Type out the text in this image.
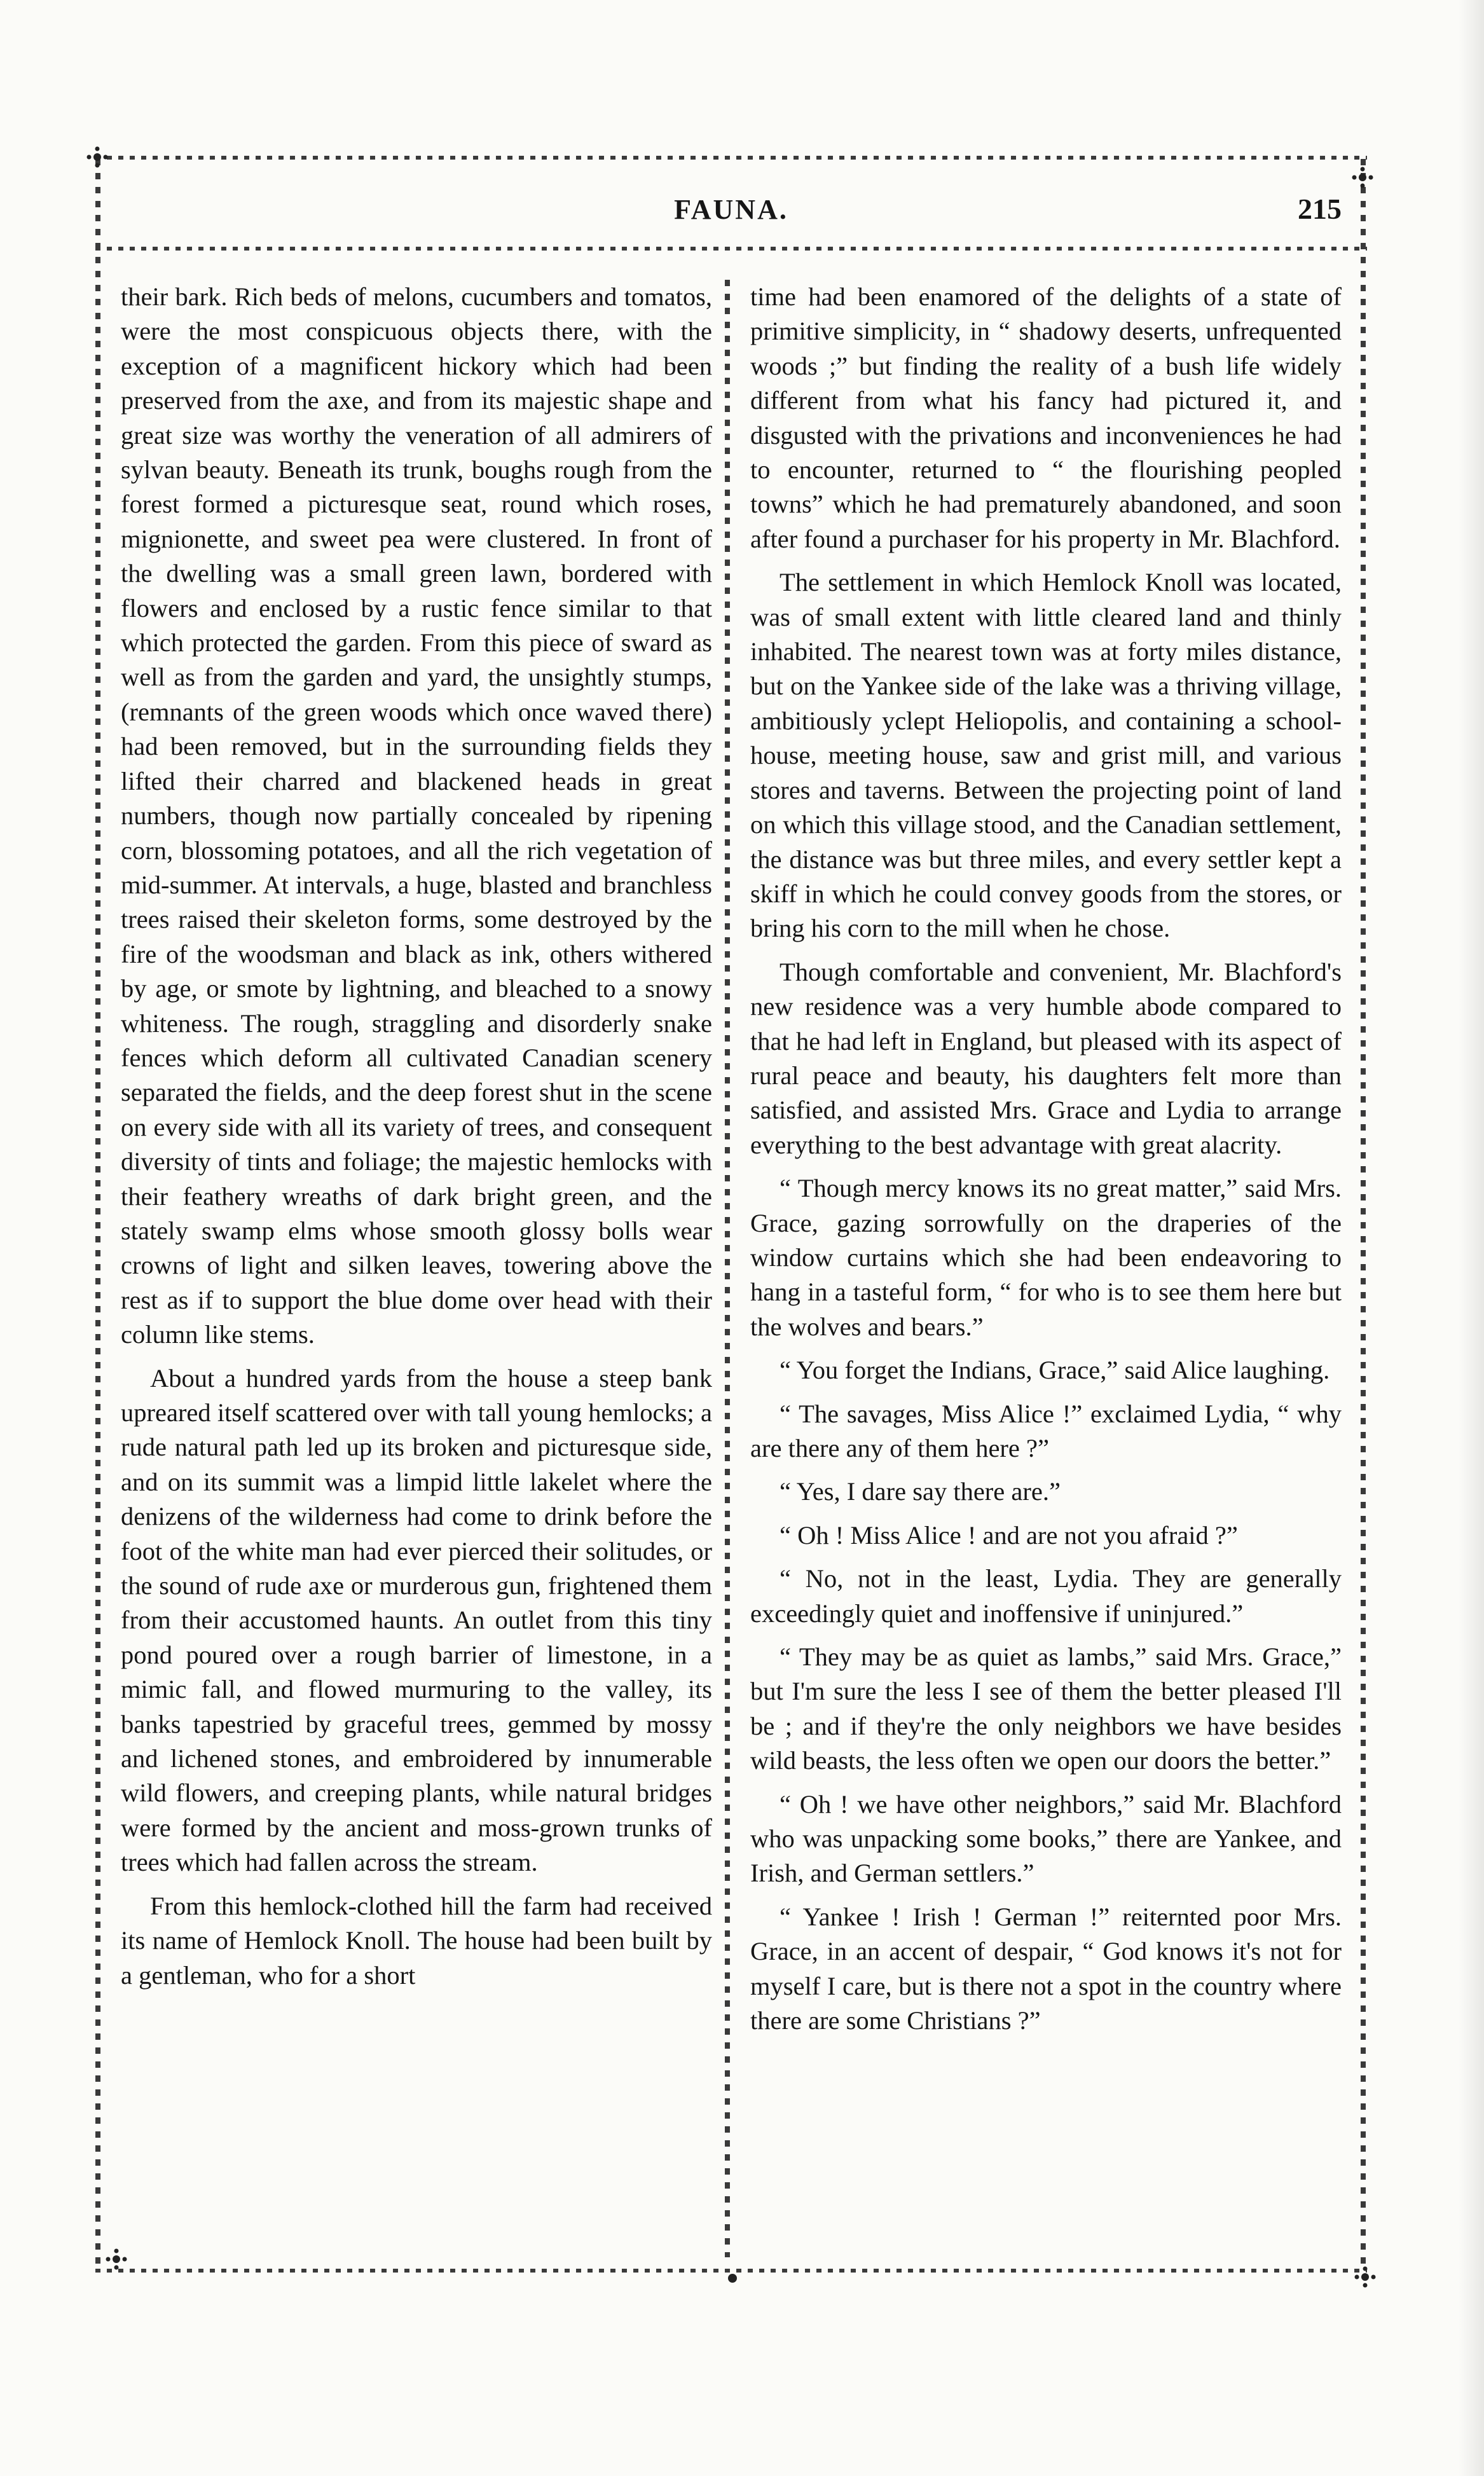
FAUNA.	215

their bark. Rich beds of melons, cucumbers and tomatos, were the most conspicuous objects there, with the exception of a magnificent hickory which had been preserved from the axe, and from its majestic shape and great size was worthy the veneration of all admirers of sylvan beauty. Beneath its trunk, boughs rough from the forest formed a picturesque seat, round which roses, mignionette, and sweet pea were clustered. In front of the dwelling was a small green lawn, bordered with flowers and enclosed by a rustic fence similar to that which protected the garden. From this piece of sward as well as from the garden and yard, the unsightly stumps, (remnants of the green woods which once waved there) had been removed, but in the surrounding fields they lifted their charred and blackened heads in great numbers, though now partially concealed by ripening corn, blossoming potatoes, and all the rich vegetation of mid-summer. At intervals, a huge, blasted and branchless trees raised their skeleton forms, some destroyed by the fire of the woodsman and black as ink, others withered by age, or smote by lightning, and bleached to a snowy whiteness. The rough, straggling and disorderly snake fences which deform all cultivated Canadian scenery separated the fields, and the deep forest shut in the scene on every side with all its variety of trees, and consequent diversity of tints and foliage; the majestic hemlocks with their feathery wreaths of dark bright green, and the stately swamp elms whose smooth glossy bolls wear crowns of light and silken leaves, towering above the rest as if to support the blue dome over head with their column like stems.

About a hundred yards from the house a steep bank upreared itself scattered over with tall young hemlocks; a rude natural path led up its broken and picturesque side, and on its summit was a limpid little lakelet where the denizens of the wilderness had come to drink before the foot of the white man had ever pierced their solitudes, or the sound of rude axe or murderous gun, frightened them from their accustomed haunts. An outlet from this tiny pond poured over a rough barrier of limestone, in a mimic fall, and flowed murmuring to the valley, its banks tapestried by graceful trees, gemmed by mossy and lichened stones, and embroidered by innumerable wild flowers, and creeping plants, while natural bridges were formed by the ancient and moss-grown trunks of trees which had fallen across the stream.

From this hemlock-clothed hill the farm had received its name of Hemlock Knoll. The house had been built by a gentleman, who for a short

time had been enamored of the delights of a state of primitive simplicity, in “ shadowy deserts, unfrequented woods ;” but finding the reality of a bush life widely different from what his fancy had pictured it, and disgusted with the privations and inconveniences he had to encounter, returned to “ the flourishing peopled towns” which he had prematurely abandoned, and soon after found a purchaser for his property in Mr. Blachford.

The settlement in which Hemlock Knoll was located, was of small extent with little cleared land and thinly inhabited. The nearest town was at forty miles distance, but on the Yankee side of the lake was a thriving village, ambitiously yclept Heliopolis, and containing a school-house, meeting house, saw and grist mill, and various stores and taverns. Between the projecting point of land on which this village stood, and the Canadian settlement, the distance was but three miles, and every settler kept a skiff in which he could convey goods from the stores, or bring his corn to the mill when he chose.

Though comfortable and convenient, Mr. Blachford's new residence was a very humble abode compared to that he had left in England, but pleased with its aspect of rural peace and beauty, his daughters felt more than satisfied, and assisted Mrs. Grace and Lydia to arrange everything to the best advantage with great alacrity.

“ Though mercy knows its no great matter,” said Mrs. Grace, gazing sorrowfully on the draperies of the window curtains which she had been endeavoring to hang in a tasteful form, “ for who is to see them here but the wolves and bears.”

“ You forget the Indians, Grace,” said Alice laughing.

“ The savages, Miss Alice !” exclaimed Lydia, “ why are there any of them here ?”

“ Yes, I dare say there are.”

“ Oh ! Miss Alice ! and are not you afraid ?”

“ No, not in the least, Lydia. They are generally exceedingly quiet and inoffensive if uninjured.”

“ They may be as quiet as lambs,” said Mrs. Grace,” but I'm sure the less I see of them the better pleased I'll be ; and if they're the only neighbors we have besides wild beasts, the less often we open our doors the better.”

“ Oh ! we have other neighbors,” said Mr. Blachford who was unpacking some books,” there are Yankee, and Irish, and German settlers.”

“ Yankee ! Irish ! German !” reiternted poor Mrs. Grace, in an accent of despair, “ God knows it's not for myself I care, but is there not a spot in the country where there are some Christians ?”
